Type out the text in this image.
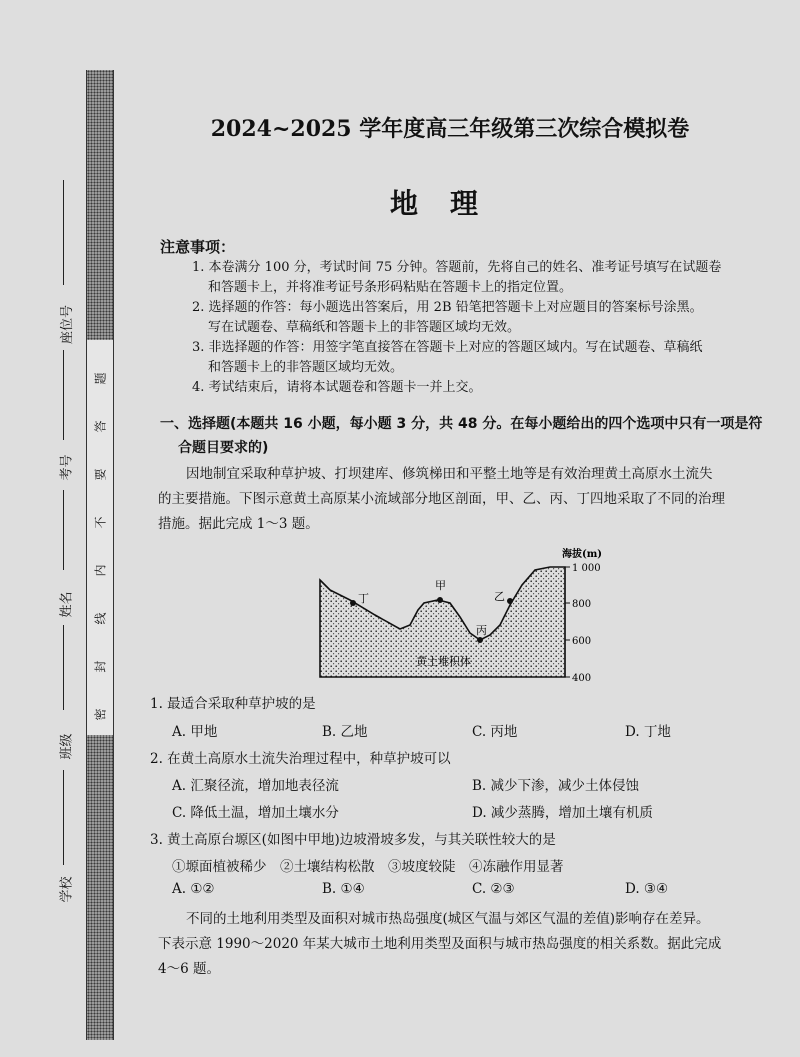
题
答
要
不
内
线
封
密
座位号
考号
姓名
班级
学校
2024~2025 学年度高三年级第三次综合模拟卷
地理
注意事项：
1. 本卷满分 100 分，考试时间 75 分钟。答题前，先将自己的姓名、准考证号填写在试题卷
和答题卡上，并将准考证号条形码粘贴在答题卡上的指定位置。
2. 选择题的作答：每小题选出答案后，用 2B 铅笔把答题卡上对应题目的答案标号涂黑。
写在试题卷、草稿纸和答题卡上的非答题区域均无效。
3. 非选择题的作答：用签字笔直接答在答题卡上对应的答题区域内。写在试题卷、草稿纸
和答题卡上的非答题区域均无效。
4. 考试结束后，请将本试题卷和答题卡一并上交。
一、选择题(本题共 16 小题，每小题 3 分，共 48 分。在每小题给出的四个选项中只有一项是符
合题目要求的)
因地制宜采取种草护坡、打坝建库、修筑梯田和平整土地等是有效治理黄土高原水土流失
的主要措施。下图示意黄土高原某小流域部分地区剖面，甲、乙、丙、丁四地采取了不同的治理
措施。据此完成 1～3 题。
海拔(m)
1 000
800
600
400
丁
甲
丙
乙
黄土堆积体
1. 最适合采取种草护坡的是
A. 甲地	B. 乙地	C. 丙地	D. 丁地
2. 在黄土高原水土流失治理过程中，种草护坡可以
A. 汇聚径流，增加地表径流	B. 减少下渗，减少土体侵蚀
C. 降低土温，增加土壤水分	D. 减少蒸腾，增加土壤有机质
3. 黄土高原台塬区(如图中甲地)边坡滑坡多发，与其关联性较大的是
①塬面植被稀少　②土壤结构松散　③坡度较陡　④冻融作用显著
A. ①②	B. ①④	C. ②③	D. ③④
不同的土地利用类型及面积对城市热岛强度(城区气温与郊区气温的差值)影响存在差异。
下表示意 1990～2020 年某大城市土地利用类型及面积与城市热岛强度的相关系数。据此完成
4～6 题。
